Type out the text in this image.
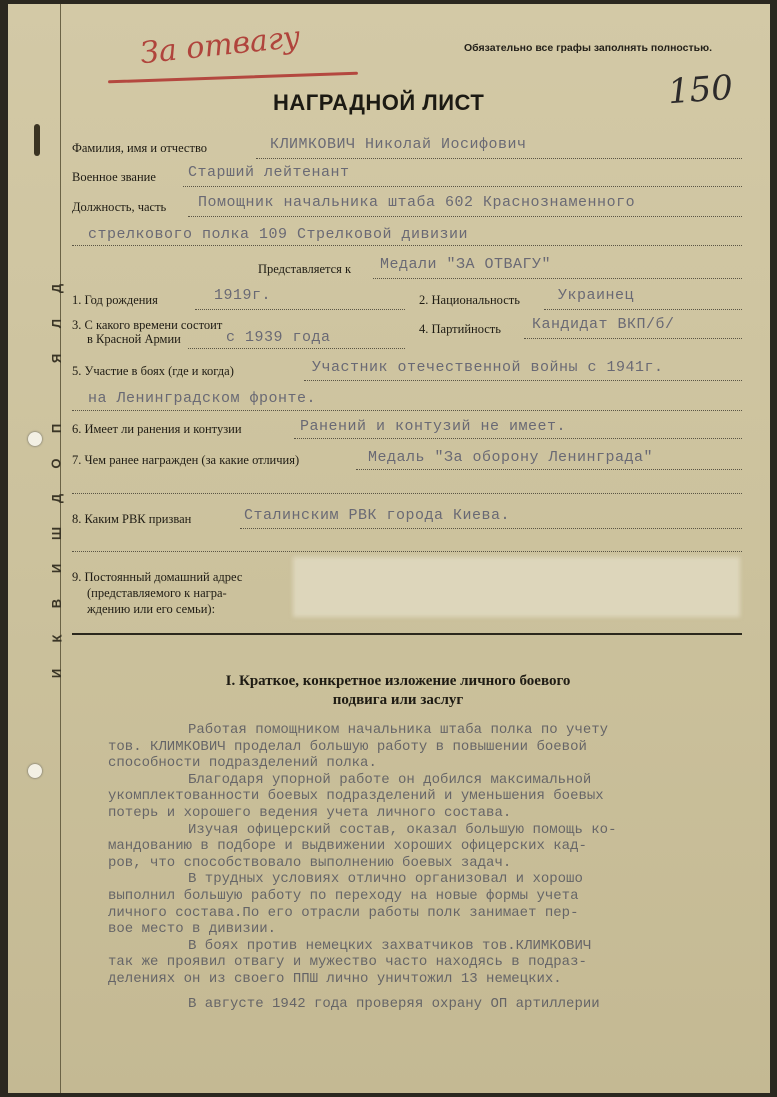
Д
Л
Я

П
О
Д
Ш
И
В
К
И
За отвагу	Обязательно все графы заполнять полностью.
150
НАГРАДНОЙ ЛИСТ
Фамилия, имя и отчество	КЛИМКОВИЧ Николай Иосифович
Военное звание Старший лейтенант
Должность, часть Помощник начальника штаба 602 Краснознаменного
стрелкового полка 109 Стрелковой дивизии
Представляется к Медали "ЗА ОТВАГУ"
1. Год рождения	1919г.	2. Национальность	Украинец
3. С какого времени состоит
в Красной Армии	с 1939 года	4. Партийность Кандидат ВКП/б/
5. Участие в боях (где и когда)	Участник отечественной войны с 1941г.
на Ленинградском фронте.
6. Имеет ли ранения и контузии	Ранений и контузий не имеет.
7. Чем ранее награжден (за какие отличия)	Медаль "За оборону Ленинграда"
8. Каким РВК призван	Сталинским РВК города Киева.
9. Постоянный домашний адрес
(представляемого к награ-
ждению или его семьи):
I. Краткое, конкретное изложение личного боевого
подвига или заслуг
Работая помощником начальника штаба полка по учету
тов. КЛИМКОВИЧ проделал большую работу в повышении боевой
способности подразделений полка.
Благодаря упорной работе он добился максимальной
укомплектованности боевых подразделений и уменьшения боевых
потерь и хорошего ведения учета личного состава.
Изучая офицерский состав, оказал большую помощь ко-
мандованию в подборе и выдвижении хороших офицерских кад-
ров, что способствовало выполнению боевых задач.
В трудных условиях отлично организовал и хорошо
выполнил большую работу по переходу на новые формы учета
личного состава.По его отрасли работы полк занимает пер-
вое место в дивизии.
В боях против немецких захватчиков тов.КЛИМКОВИЧ
так же проявил отвагу и мужество часто находясь в подраз-
делениях он из своего ППШ лично уничтожил 13 немецких.
В августе 1942 года проверяя охрану ОП артиллерии
